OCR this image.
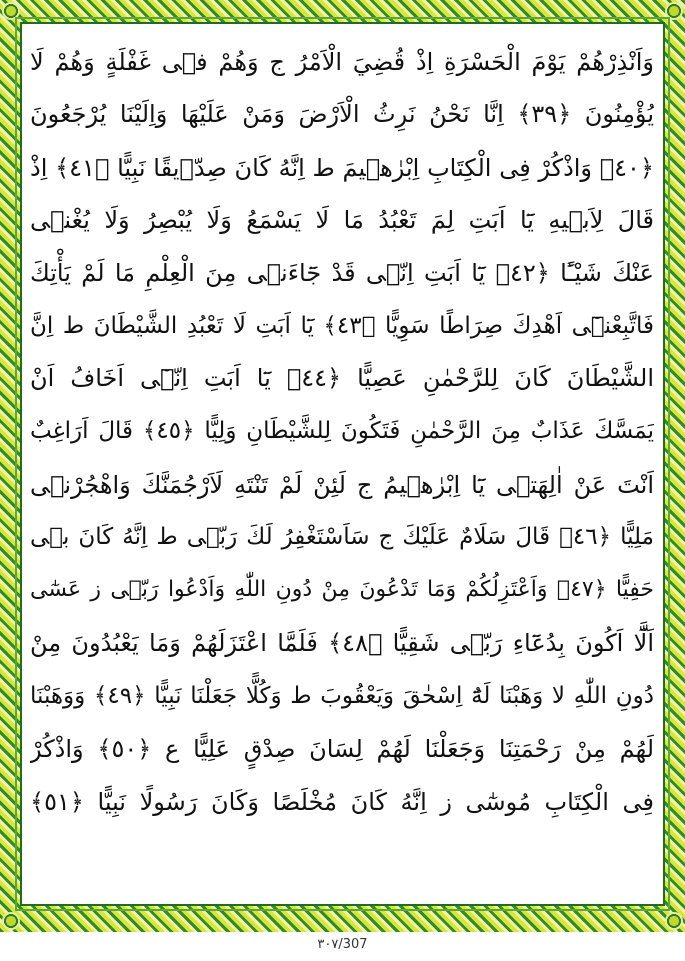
وَاَنْذِرْهُمْ يَوْمَ الْحَسْرَةِ اِذْ قُضِيَ الْاَمْرُ ج وَهُمْ فٖى غَفْلَةٍ وَهُمْ لَا
يُؤْمِنُونَ ﴿٣٩﴾ اِنَّا نَحْنُ نَرِثُ الْاَرْضَ وَمَنْ عَلَيْهَا وَاِلَيْنَا يُرْجَعُونَ
﴿٤٠﴾ وَاذْكُرْ فِى الْكِتَابِ اِبْرٰهٖيمَ ط اِنَّهُ كَانَ صِدّٖيقًا نَبِيًّا ﴿٤١﴾ اِذْ
قَالَ لِاَبٖيهِ يَٓا اَبَتِ لِمَ تَعْبُدُ مَا لَا يَسْمَعُ وَلَا يُبْصِرُ وَلَا يُغْنٖى
عَنْكَ شَيْـًٔا ﴿٤٢﴾ يَٓا اَبَتِ اِنّٖى قَدْ جَٓاءَنٖى مِنَ الْعِلْمِ مَا لَمْ يَأْتِكَ
فَاتَّبِعْنٖٓى اَهْدِكَ صِرَاطًا سَوِيًّا ﴿٤٣﴾ يَٓا اَبَتِ لَا تَعْبُدِ الشَّيْطَانَ ط اِنَّ
الشَّيْطَانَ كَانَ لِلرَّحْمٰنِ عَصِيًّا ﴿٤٤﴾ يَٓا اَبَتِ اِنّٖٓى اَخَافُ اَنْ
يَمَسَّكَ عَذَابٌ مِنَ الرَّحْمٰنِ فَتَكُونَ لِلشَّيْطَانِ وَلِيًّا ﴿٤٥﴾ قَالَ اَرَاغِبٌ
اَنْتَ عَنْ اٰلِهَتٖى يَٓا اِبْرٰهٖيمُ ج لَئِنْ لَمْ تَنْتَهِ لَاَرْجُمَنَّكَ وَاهْجُرْنٖى
مَلِيًّا ﴿٤٦﴾ قَالَ سَلَامٌ عَلَيْكَ ج سَاَسْتَغْفِرُ لَكَ رَبّٖى ط اِنَّهُ كَانَ بٖى
حَفِيًّا ﴿٤٧﴾ وَاَعْتَزِلُكُمْ وَمَا تَدْعُونَ مِنْ دُونِ اللّٰهِ وَاَدْعُوا رَبّٖى ز عَسٰٓى
اَلَّٓا اَكُونَ بِدُعَٓاءِ رَبّٖى شَقِيًّا ﴿٤٨﴾ فَلَمَّا اعْتَزَلَهُمْ وَمَا يَعْبُدُونَ مِنْ
دُونِ اللّٰهِ لا وَهَبْنَا لَهُٓ اِسْحٰقَ وَيَعْقُوبَ ط وَكُلًّا جَعَلْنَا نَبِيًّا ﴿٤٩﴾ وَوَهَبْنَا
لَهُمْ مِنْ رَحْمَتِنَا وَجَعَلْنَا لَهُمْ لِسَانَ صِدْقٍ عَلِيًّا ع ﴿٥٠﴾ وَاذْكُرْ
فِى الْكِتَابِ مُوسٰٓى ز اِنَّهُ كَانَ مُخْلَصًا وَكَانَ رَسُولًا نَبِيًّا ﴿٥١﴾
٣٠٧/307
